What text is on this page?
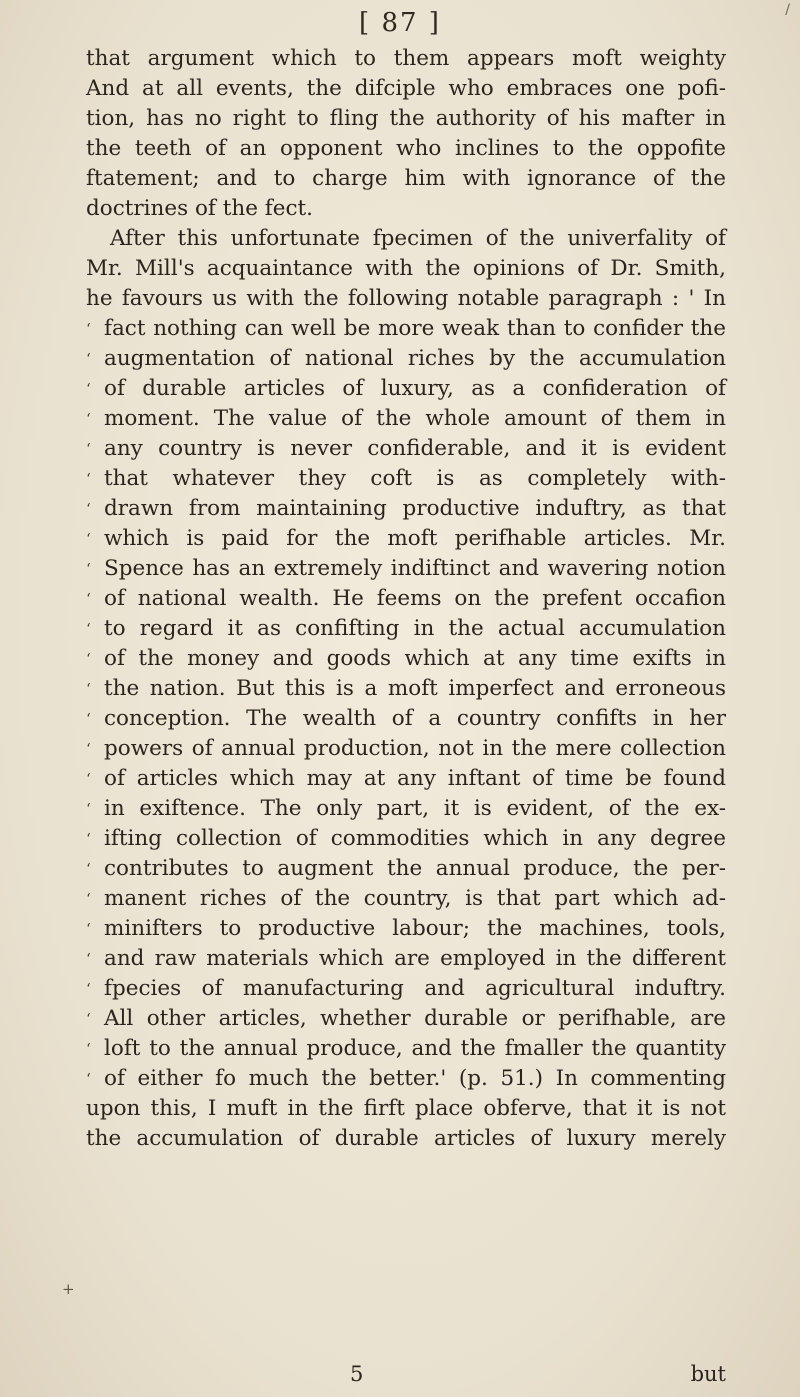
/
[ 87 ]
that argument which to them appears moft weighty
And at all events, the difciple who embraces one pofi-
tion, has no right to fling the authority of his mafter in
the teeth of an opponent who inclines to the oppofite
ftatement; and to charge him with ignorance of the
doctrines of the fect.
After this unfortunate fpecimen of the univerfality of
Mr. Mill's acquaintance with the opinions of Dr. Smith,
he favours us with the following notable paragraph : ' In
‘ fact nothing can well be more weak than to confider the
‘ augmentation of national riches by the accumulation
‘ of durable articles of luxury, as a confideration of
‘ moment. The value of the whole amount of them in
‘ any country is never confiderable, and it is evident
‘ that whatever they coft is as completely with-
‘ drawn from maintaining productive induftry, as that
‘ which is paid for the moft perifhable articles. Mr.
‘ Spence has an extremely indiftinct and wavering notion
‘ of national wealth. He feems on the prefent occafion
‘ to regard it as confifting in the actual accumulation
‘ of the money and goods which at any time exifts in
‘ the nation. But this is a moft imperfect and erroneous
‘ conception. The wealth of a country confifts in her
‘ powers of annual production, not in the mere collection
‘ of articles which may at any inftant of time be found
‘ in exiftence. The only part, it is evident, of the ex-
‘ ifting collection of commodities which in any degree
‘ contributes to augment the annual produce, the per-
‘ manent riches of the country, is that part which ad-
‘ minifters to productive labour; the machines, tools,
‘ and raw materials which are employed in the different
‘ fpecies of manufacturing and agricultural induftry.
‘ All other articles, whether durable or perifhable, are
‘ loft to the annual produce, and the fmaller the quantity
‘ of either fo much the better.' (p. 51.) In commenting
upon this, I muft in the firft place obferve, that it is not
the accumulation of durable articles of luxury merely
+
5	but
